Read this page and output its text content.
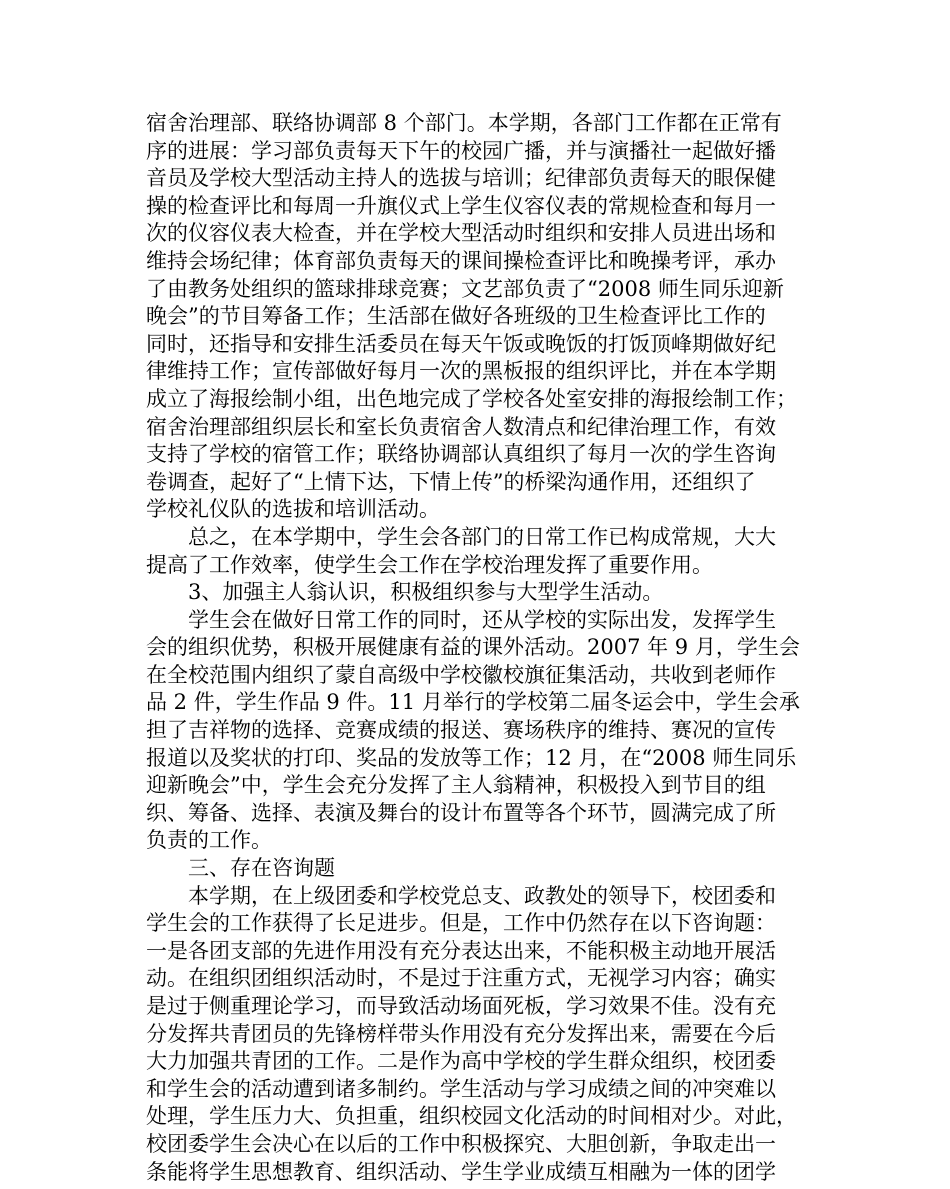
宿舍治理部、联络协调部 8 个部门。本学期，各部门工作都在正常有
序的进展：学习部负责每天下午的校园广播，并与演播社一起做好播
音员及学校大型活动主持人的选拔与培训；纪律部负责每天的眼保健
操的检查评比和每周一升旗仪式上学生仪容仪表的常规检查和每月一
次的仪容仪表大检查，并在学校大型活动时组织和安排人员进出场和
维持会场纪律；体育部负责每天的课间操检查评比和晚操考评，承办
了由教务处组织的篮球排球竞赛；文艺部负责了“2008 师生同乐迎新
晚会”的节目筹备工作；生活部在做好各班级的卫生检查评比工作的
同时，还指导和安排生活委员在每天午饭或晚饭的打饭顶峰期做好纪
律维持工作；宣传部做好每月一次的黑板报的组织评比，并在本学期
成立了海报绘制小组，出色地完成了学校各处室安排的海报绘制工作；
宿舍治理部组织层长和室长负责宿舍人数清点和纪律治理工作，有效
支持了学校的宿管工作；联络协调部认真组织了每月一次的学生咨询
卷调查，起好了“上情下达，下情上传”的桥梁沟通作用，还组织了
学校礼仪队的选拔和培训活动。
　　总之，在本学期中，学生会各部门的日常工作已构成常规，大大
提高了工作效率，使学生会工作在学校治理发挥了重要作用。
　　3、加强主人翁认识，积极组织参与大型学生活动。
　　学生会在做好日常工作的同时，还从学校的实际出发，发挥学生
会的组织优势，积极开展健康有益的课外活动。2007 年 9 月，学生会
在全校范围内组织了蒙自高级中学校徽校旗征集活动，共收到老师作
品 2 件，学生作品 9 件。11 月举行的学校第二届冬运会中，学生会承
担了吉祥物的选择、竞赛成绩的报送、赛场秩序的维持、赛况的宣传
报道以及奖状的打印、奖品的发放等工作；12 月，在“2008 师生同乐
迎新晚会”中，学生会充分发挥了主人翁精神，积极投入到节目的组
织、筹备、选择、表演及舞台的设计布置等各个环节，圆满完成了所
负责的工作。
　　三、存在咨询题
　　本学期，在上级团委和学校党总支、政教处的领导下，校团委和
学生会的工作获得了长足进步。但是，工作中仍然存在以下咨询题：
一是各团支部的先进作用没有充分表达出来，不能积极主动地开展活
动。在组织团组织活动时，不是过于注重方式，无视学习内容；确实
是过于侧重理论学习，而导致活动场面死板，学习效果不佳。没有充
分发挥共青团员的先锋榜样带头作用没有充分发挥出来，需要在今后
大力加强共青团的工作。二是作为高中学校的学生群众组织，校团委
和学生会的活动遭到诸多制约。学生活动与学习成绩之间的冲突难以
处理，学生压力大、负担重，组织校园文化活动的时间相对少。对此，
校团委学生会决心在以后的工作中积极探究、大胆创新，争取走出一
条能将学生思想教育、组织活动、学生学业成绩互相融为一体的团学
